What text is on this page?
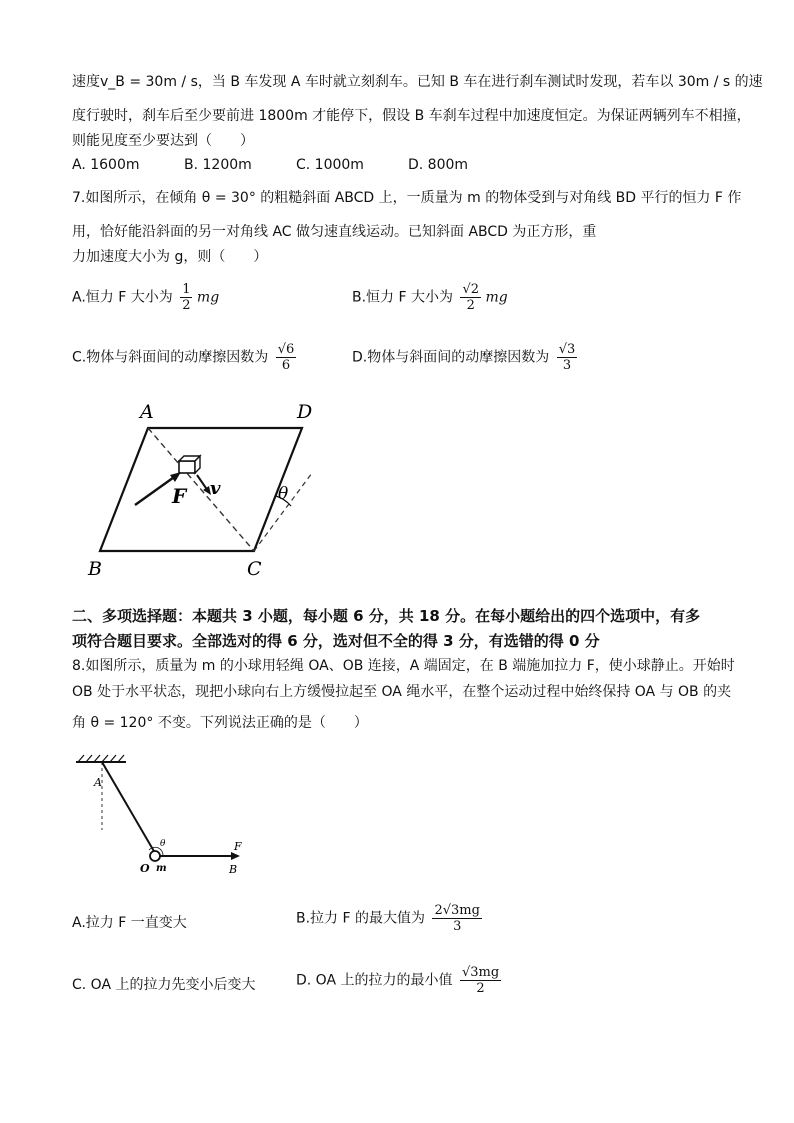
速度v_B = 30m / s，当 B 车发现 A 车时就立刻刹车。已知 B 车在进行刹车测试时发现，若车以 30m / s 的速
度行驶时，刹车后至少要前进 1800m 才能停下，假设 B 车刹车过程中加速度恒定。为保证两辆列车不相撞，
则能见度至少要达到（　　）
A. 1600m	B. 1200m	C. 1000m	D. 800m
7.如图所示，在倾角 θ = 30° 的粗糙斜面 ABCD 上，一质量为 m 的物体受到与对角线 BD 平行的恒力 F 作
用，恰好能沿斜面的另一对角线 AC 做匀速直线运动。已知斜面 ABCD 为正方形，重
力加速度大小为 g，则（　　）
A.恒力 F 大小为 $\frac{1}{2}$ mg	B.恒力 F 大小为 $\frac{√2}{2}$ mg
C.物体与斜面间的动摩擦因数为 $\frac{√6}{6}$	D.物体与斜面间的动摩擦因数为 $\frac{√3}{3}$
A	D
B	C
F v	θ
二、多项选择题：本题共 3 小题，每小题 6 分，共 18 分。在每小题给出的四个选项中，有多
项符合题目要求。全部选对的得 6 分，选对但不全的得 3 分，有选错的得 0 分
8.如图所示，质量为 m 的小球用轻绳 OA、OB 连接，A 端固定，在 B 端施加拉力 F，使小球静止。开始时
OB 处于水平状态，现把小球向右上方缓慢拉起至 OA 绳水平，在整个运动过程中始终保持 OA 与 OB 的夹
角 θ = 120° 不变。下列说法正确的是（　　）
A
θ
O m
F
B
A.拉力 F 一直变大	B.拉力 F 的最大值为 $\frac{2√3mg}{3}$
C. OA 上的拉力先变小后变大	D. OA 上的拉力的最小值 $\frac{√3mg}{2}$
